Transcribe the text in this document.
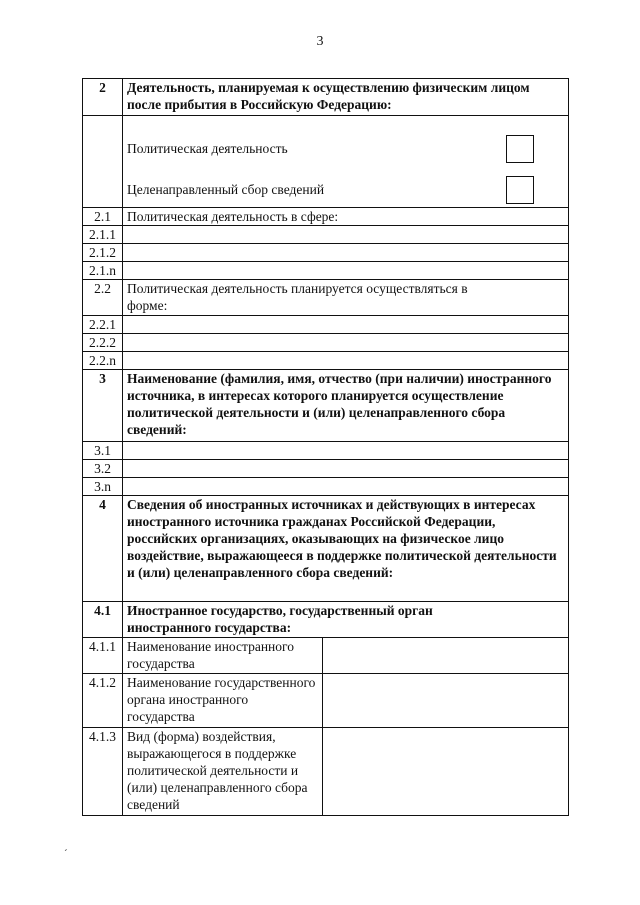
3
2	Деятельность, планируемая к осуществлению физическим лицом после прибытия в Российскую Федерацию:	

	Политическая деятельность
Целенаправленный сбор сведений	

2.1	Политическая деятельность в сфере:	
2.1.1		
2.1.2		
2.1.n		
2.2	Политическая деятельность планируется осуществляться в форме:	
2.2.1		
2.2.2		
2.2.n		
3	Наименование (фамилия, имя, отчество (при наличии) иностранного источника, в интересах которого планируется осуществление политической деятельности и (или) целенаправленного сбора сведений:	
3.1		
3.2		
3.n		
4	Сведения об иностранных источниках и действующих в интересах иностранного источника гражданах Российской Федерации, российских организациях, оказывающих на физическое лицо воздействие, выражающееся в поддержке политической деятельности и (или) целенаправленного сбора сведений:	
4.1	Иностранное государство, государственный орган иностранного государства:	
4.1.1	Наименование иностранного государства	
4.1.2	Наименование государственного органа иностранного государства	
4.1.3	Вид (форма) воздействия, выражающегося в поддержке политической деятельности и (или) целенаправленного сбора сведений	
´
